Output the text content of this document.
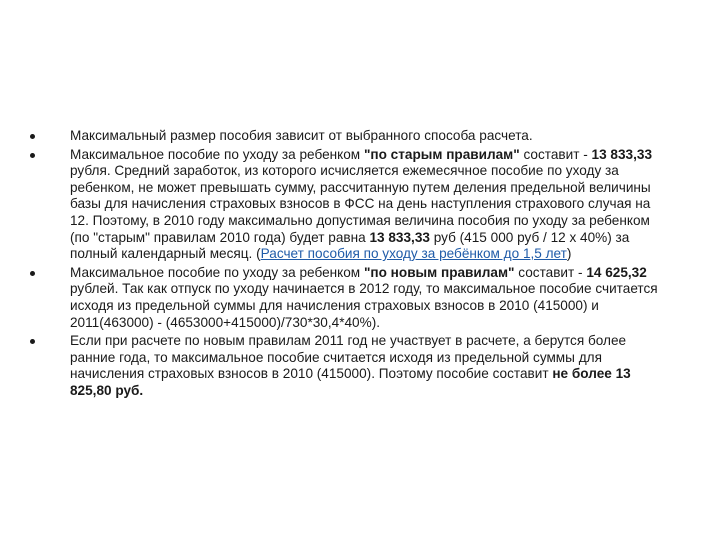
Максимальный размер пособия зависит от выбранного способа расчета.
Максимальное пособие по уходу за ребенком "по старым правилам" составит - 13 833,33 рубля. Средний заработок, из которого исчисляется ежемесячное пособие по уходу за ребенком, не может превышать сумму, рассчитанную путем деления предельной величины базы для начисления страховых взносов в ФСС на день наступления страхового случая на 12. Поэтому, в 2010 году максимально допустимая величина пособия по уходу за ребенком (по "старым" правилам 2010 года) будет равна 13 833,33 руб (415 000 руб / 12 х 40%) за полный календарный месяц. (Расчет пособия по уходу за ребёнком до 1,5 лет)
Максимальное пособие по уходу за ребенком "по новым правилам" составит - 14 625,32 рублей. Так как отпуск по уходу начинается в 2012 году, то максимальное пособие считается исходя из предельной суммы для начисления страховых взносов в 2010 (415000) и 2011(463000) - (4653000+415000)/730*30,4*40%).
Если при расчете по новым правилам 2011 год не участвует в расчете, а берутся более ранние года, то максимальное пособие считается исходя из предельной суммы для начисления страховых взносов в 2010 (415000). Поэтому пособие составит не более 13 825,80 руб.
